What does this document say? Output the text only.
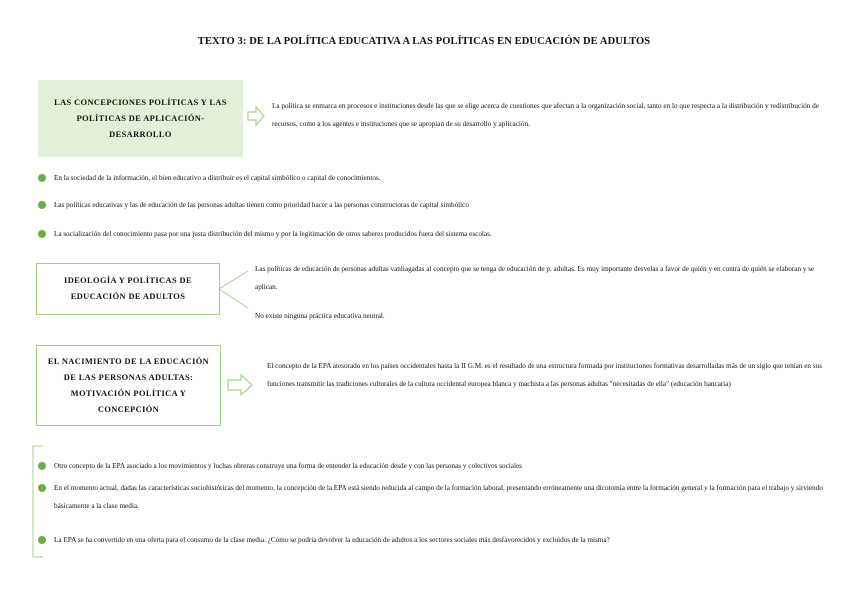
TEXTO 3: DE LA POLÍTICA EDUCATIVA A LAS POLÍTICAS EN EDUCACIÓN DE ADULTOS
LAS CONCEPCIONES POLÍTICAS Y LAS POLÍTICAS DE APLICACIÓN-DESARROLLO
La política se enmarca en procesos e instituciones desde las que se elige acerca de cuestiones que afectan a la organización social, tanto en lo que respecta a la distribución y redistribución de recursos, como a los agentes e instituciones que se apropian de su desarrollo y aplicación.
En la sociedad de la información, el bien educativo a distribuir es el capital simbólico o capital de conocimientos.
Las políticas educativas y las de educación de las personas adultas tienen como prioridad hacer a las personas constructoras de capital simbólico
La socialización del conocimiento pasa por una justa distribución del mismo y por la legitimación de otros saberes producidos fuera del sistema escolas.
IDEOLOGÍA Y POLÍTICAS DE EDUCACIÓN DE ADULTOS
Las políticas de educación de personas adultas vanliagadas al concepto que se tenga de educación de p. adultas. Es muy importante desvelas a favor de quién y en contra de quién se elaboran y se aplican.
No existe ninguna práctica educativa neutral.
EL NACIMIENTO DE LA EDUCACIÓN DE LAS PERSONAS ADULTAS: MOTIVACIÓN POLÍTICA Y CONCEPCIÓN
El concepto de la EPA atesorado en los países occidentales hasta la II G.M. es el resultado de una estructura formada por instituciones formativas desarrolladas más de un siglo que tenían en sus funciones transmitir las tradiciones culturales de la cultura occidental europea blanca y machista a las personas adultas "necesitadas de ella" (educación bancaria)
Otro concepto de la EPA asociado a los movimientos y luchas obreras construye una forma de entender la educación desde y con las personas y colectivos sociales
En el momento actual, dadas las características sociohistóricas del momento, la concepción de la EPA está siendo reducida al campo de la formación laboral, presentando erróneamente una dicotomía entre la formación general y la formación para el trabajo y sirviendo básicamente a la clase media.
La EPA se ha convertido en una oferta para el consumo de la clase media. ¿Cómo se podría devolver la educación de adultos a los sectores sociales más desfavorecidos y excluidos de la misma?
